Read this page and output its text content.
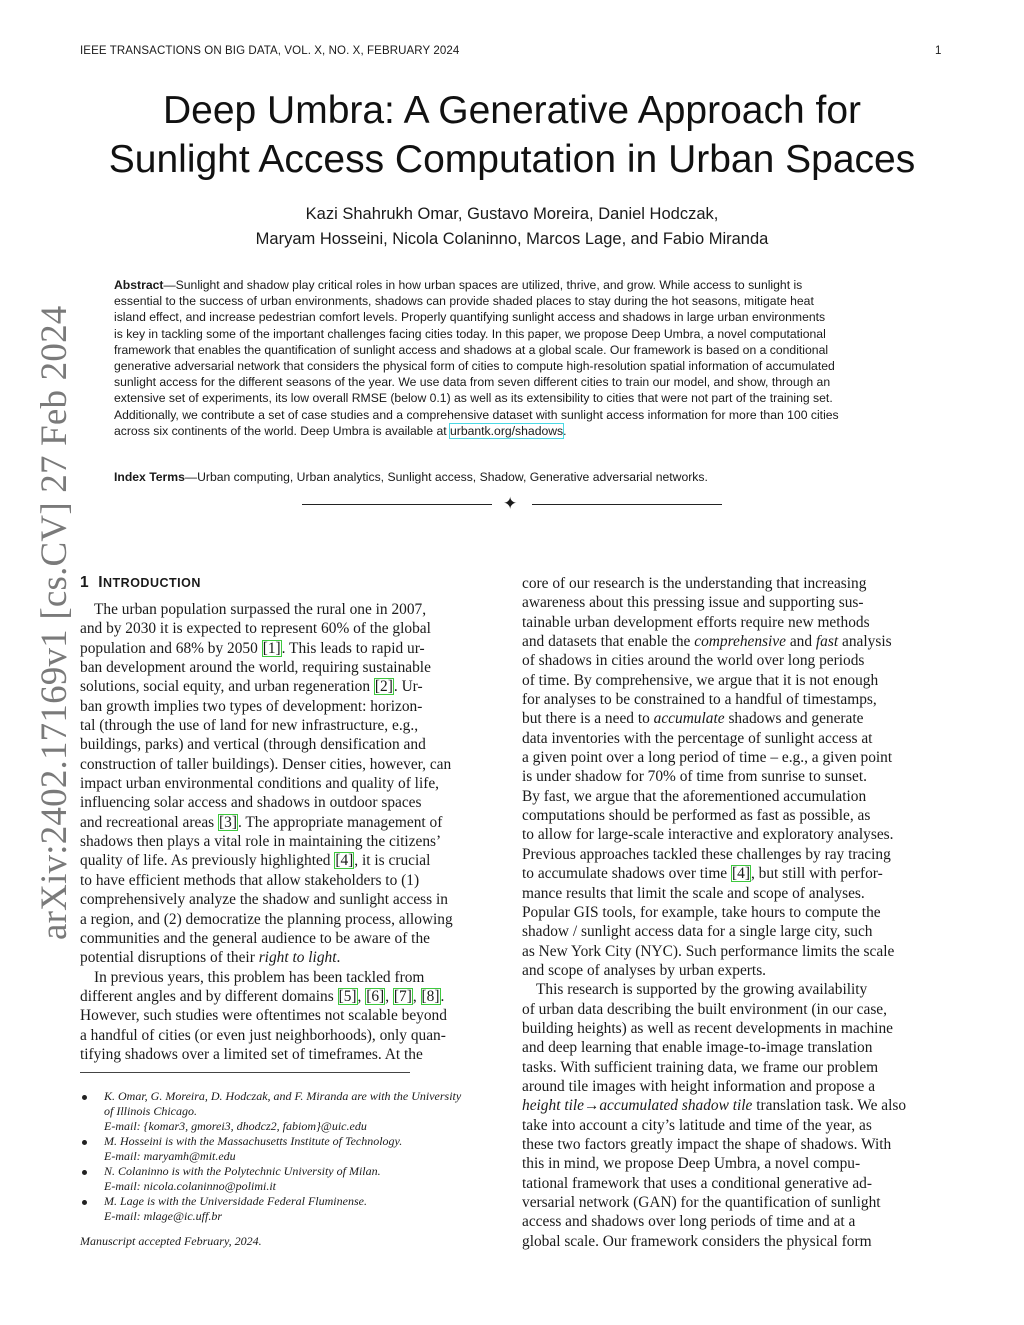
IEEE TRANSACTIONS ON BIG DATA, VOL. X, NO. X, FEBRUARY 2024	1
arXiv:2402.17169v1 [cs.CV] 27 Feb 2024
Deep Umbra: A Generative Approach for
Sunlight Access Computation in Urban Spaces
Kazi Shahrukh Omar, Gustavo Moreira, Daniel Hodczak,
Maryam Hosseini, Nicola Colaninno, Marcos Lage, and Fabio Miranda
Abstract—Sunlight and shadow play critical roles in how urban spaces are utilized, thrive, and grow. While access to sunlight is
essential to the success of urban environments, shadows can provide shaded places to stay during the hot seasons, mitigate heat
island effect, and increase pedestrian comfort levels. Properly quantifying sunlight access and shadows in large urban environments
is key in tackling some of the important challenges facing cities today. In this paper, we propose Deep Umbra, a novel computational
framework that enables the quantification of sunlight access and shadows at a global scale. Our framework is based on a conditional
generative adversarial network that considers the physical form of cities to compute high-resolution spatial information of accumulated
sunlight access for the different seasons of the year. We use data from seven different cities to train our model, and show, through an
extensive set of experiments, its low overall RMSE (below 0.1) as well as its extensibility to cities that were not part of the training set.
Additionally, we contribute a set of case studies and a comprehensive dataset with sunlight access information for more than 100 cities
across six continents of the world. Deep Umbra is available at urbantk.org/shadows.
Index Terms—Urban computing, Urban analytics, Sunlight access, Shadow, Generative adversarial networks.
✦
1 INTRODUCTION
The urban population surpassed the rural one in 2007,
and by 2030 it is expected to represent 60% of the global
population and 68% by 2050 [1]. This leads to rapid ur-
ban development around the world, requiring sustainable
solutions, social equity, and urban regeneration [2]. Ur-
ban growth implies two types of development: horizon-
tal (through the use of land for new infrastructure, e.g.,
buildings, parks) and vertical (through densification and
construction of taller buildings). Denser cities, however, can
impact urban environmental conditions and quality of life,
influencing solar access and shadows in outdoor spaces
and recreational areas [3]. The appropriate management of
shadows then plays a vital role in maintaining the citizens’
quality of life. As previously highlighted [4], it is crucial
to have efficient methods that allow stakeholders to (1)
comprehensively analyze the shadow and sunlight access in
a region, and (2) democratize the planning process, allowing
communities and the general audience to be aware of the
potential disruptions of their right to light.
In previous years, this problem has been tackled from
different angles and by different domains [5], [6], [7], [8].
However, such studies were oftentimes not scalable beyond
a handful of cities (or even just neighborhoods), only quan-
tifying shadows over a limited set of timeframes. At the
core of our research is the understanding that increasing
awareness about this pressing issue and supporting sus-
tainable urban development efforts require new methods
and datasets that enable the comprehensive and fast analysis
of shadows in cities around the world over long periods
of time. By comprehensive, we argue that it is not enough
for analyses to be constrained to a handful of timestamps,
but there is a need to accumulate shadows and generate
data inventories with the percentage of sunlight access at
a given point over a long period of time – e.g., a given point
is under shadow for 70% of time from sunrise to sunset.
By fast, we argue that the aforementioned accumulation
computations should be performed as fast as possible, as
to allow for large-scale interactive and exploratory analyses.
Previous approaches tackled these challenges by ray tracing
to accumulate shadows over time [4], but still with perfor-
mance results that limit the scale and scope of analyses.
Popular GIS tools, for example, take hours to compute the
shadow / sunlight access data for a single large city, such
as New York City (NYC). Such performance limits the scale
and scope of analyses by urban experts.
This research is supported by the growing availability
of urban data describing the built environment (in our case,
building heights) as well as recent developments in machine
and deep learning that enable image-to-image translation
tasks. With sufficient training data, we frame our problem
around tile images with height information and propose a
height tile→accumulated shadow tile translation task. We also
take into account a city’s latitude and time of the year, as
these two factors greatly impact the shape of shadows. With
this in mind, we propose Deep Umbra, a novel compu-
tational framework that uses a conditional generative ad-
versarial network (GAN) for the quantification of sunlight
access and shadows over long periods of time and at a
global scale. Our framework considers the physical form
K. Omar, G. Moreira, D. Hodczak, and F. Miranda are with the University
of Illinois Chicago.
E-mail: {komar3, gmorei3, dhodcz2, fabiom}@uic.edu
M. Hosseini is with the Massachusetts Institute of Technology.
E-mail: maryamh@mit.edu
N. Colaninno is with the Polytechnic University of Milan.
E-mail: nicola.colaninno@polimi.it
M. Lage is with the Universidade Federal Fluminense.
E-mail: mlage@ic.uff.br
Manuscript accepted February, 2024.
